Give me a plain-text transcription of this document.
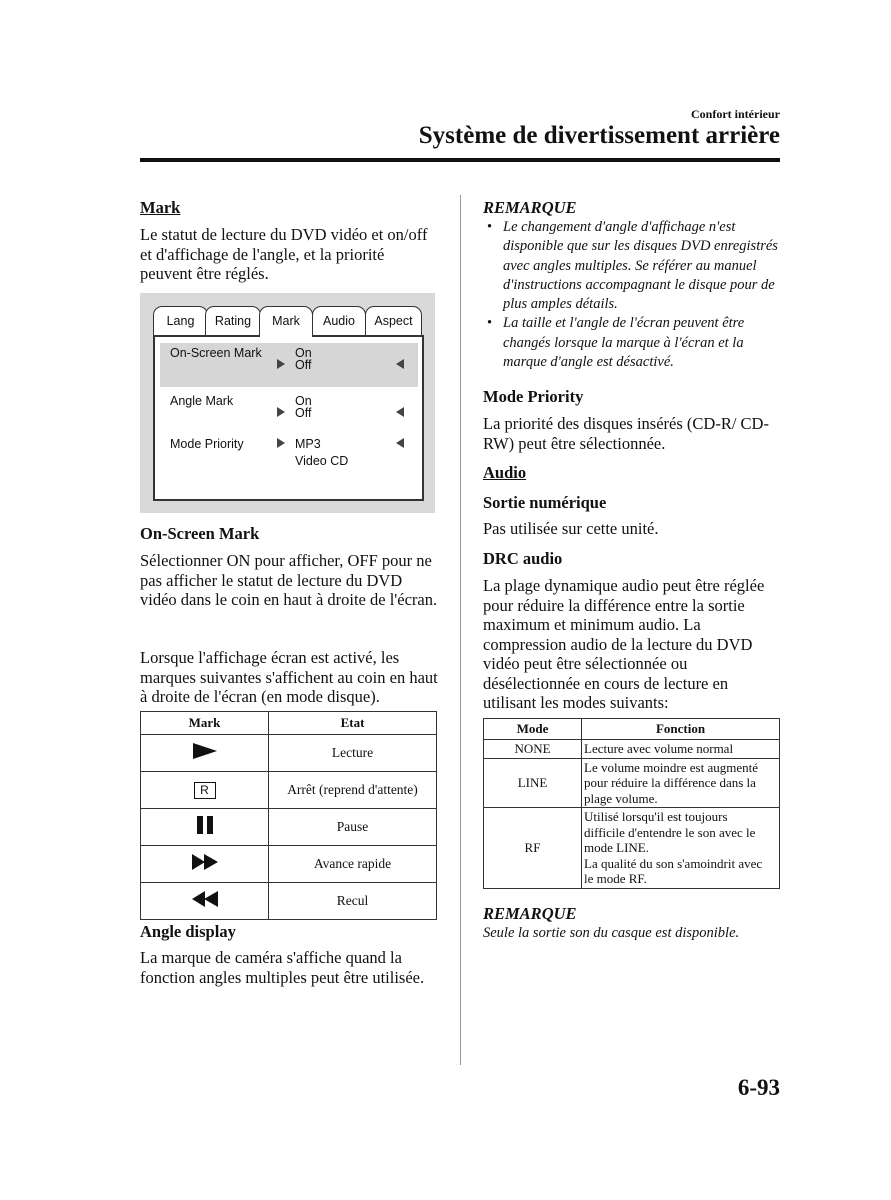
Confort intérieur
Système de divertissement arrière
Mark
Le statut de lecture du DVD vidéo et on/off et d'affichage de l'angle, et la priorité peuvent être réglés.
Lang	Rating	Mark	Audio	Aspect
On-Screen Mark	On
Off
Angle Mark	On
Off
Mode Priority	MP3
Video CD
On-Screen Mark
Sélectionner ON pour afficher, OFF pour ne pas afficher le statut de lecture du DVD vidéo dans le coin en haut à droite de l'écran.
Lorsque l'affichage écran est activé, les marques suivantes s'affichent au coin en haut à droite de l'écran (en mode disque).
Mark	Etat
	Lecture
R	Arrêt (reprend d'attente)
	Pause
	Avance rapide
	Recul
Angle display
La marque de caméra s'affiche quand la fonction angles multiples peut être utilisée.
REMARQUE
• Le changement d'angle d'affichage n'est disponible que sur les disques DVD enregistrés avec angles multiples. Se référer au manuel d'instructions accompagnant le disque pour de plus amples détails.
• La taille et l'angle de l'écran peuvent être changés lorsque la marque à l'écran et la marque d'angle est désactivé.
Mode Priority
La priorité des disques insérés (CD-R/ CD-RW) peut être sélectionnée.
Audio
Sortie numérique
Pas utilisée sur cette unité.
DRC audio
La plage dynamique audio peut être réglée pour réduire la différence entre la sortie maximum et minimum audio. La compression audio de la lecture du DVD vidéo peut être sélectionnée ou désélectionnée en cours de lecture en utilisant les modes suivants:
Mode	Fonction
NONE	Lecture avec volume normal

LINE	Le volume moindre est augmenté
pour réduire la différence dans la
plage volume.

RF	Utilisé lorsqu'il est toujours
difficile d'entendre le son avec le
mode LINE.
La qualité du son s'amoindrit avec
le mode RF.
REMARQUE
Seule la sortie son du casque est disponible.
6-93
